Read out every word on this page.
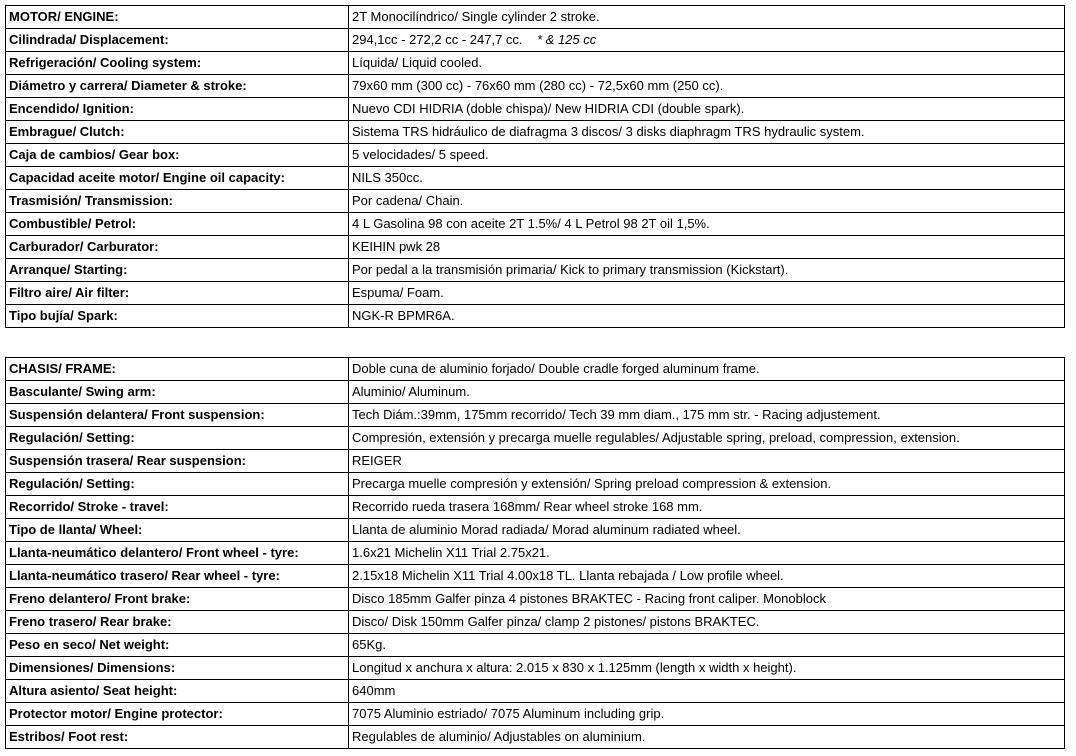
MOTOR/ ENGINE:	2T Monocilíndrico/ Single cylinder 2 stroke.
Cilindrada/ Displacement:	294,1cc - 272,2 cc - 247,7 cc. * & 125 cc
Refrigeración/ Cooling system:	Líquida/ Liquid cooled.
Diámetro y carrera/ Diameter & stroke:	79x60 mm (300 cc) - 76x60 mm (280 cc) - 72,5x60 mm (250 cc).
Encendido/ Ignition:	Nuevo CDI HIDRIA (doble chispa)/ New HIDRIA CDI (double spark).
Embrague/ Clutch:	Sistema TRS hidráulico de diafragma 3 discos/ 3 disks diaphragm TRS hydraulic system.
Caja de cambios/ Gear box:	5 velocidades/ 5 speed.
Capacidad aceite motor/ Engine oil capacity:	NILS 350cc.
Trasmisión/ Transmission:	Por cadena/ Chain.
Combustible/ Petrol:	4 L Gasolina 98 con aceite 2T 1.5%/ 4 L Petrol 98 2T oil 1,5%.
Carburador/ Carburator:	KEIHIN pwk 28
Arranque/ Starting:	Por pedal a la transmisión primaria/ Kick to primary transmission (Kickstart).
Filtro aire/ Air filter:	Espuma/ Foam.
Tipo bujía/ Spark:	NGK-R BPMR6A.
CHASIS/ FRAME:	Doble cuna de aluminio forjado/ Double cradle forged aluminum frame.
Basculante/ Swing arm:	Aluminio/ Aluminum.
Suspensión delantera/ Front suspension:	Tech Diám.:39mm, 175mm recorrido/ Tech 39 mm diam., 175 mm str. - Racing adjustement.
Regulación/ Setting:	Compresión, extensión y precarga muelle regulables/ Adjustable spring, preload, compression, extension.
Suspensión trasera/ Rear suspension:	REIGER
Regulación/ Setting:	Precarga muelle compresión y extensión/ Spring preload compression & extension.
Recorrido/ Stroke - travel:	Recorrido rueda trasera 168mm/ Rear wheel stroke 168 mm.
Tipo de llanta/ Wheel:	Llanta de aluminio Morad radiada/ Morad aluminum radiated wheel.
Llanta-neumático delantero/ Front wheel - tyre:	1.6x21 Michelin X11 Trial 2.75x21.
Llanta-neumático trasero/ Rear wheel - tyre:	2.15x18 Michelin X11 Trial 4.00x18 TL. Llanta rebajada / Low profile wheel.
Freno delantero/ Front brake:	Disco 185mm Galfer pinza 4 pistones BRAKTEC - Racing front caliper. Monoblock
Freno trasero/ Rear brake:	Disco/ Disk 150mm Galfer pinza/ clamp 2 pistones/ pistons BRAKTEC.
Peso en seco/ Net weight:	65Kg.
Dimensiones/ Dimensions:	Longitud x anchura x altura: 2.015 x 830 x 1.125mm (length x width x height).
Altura asiento/ Seat height:	640mm
Protector motor/ Engine protector:	7075 Aluminio estriado/ 7075 Aluminum including grip.
Estribos/ Foot rest:	Regulables de aluminio/ Adjustables on aluminium.
